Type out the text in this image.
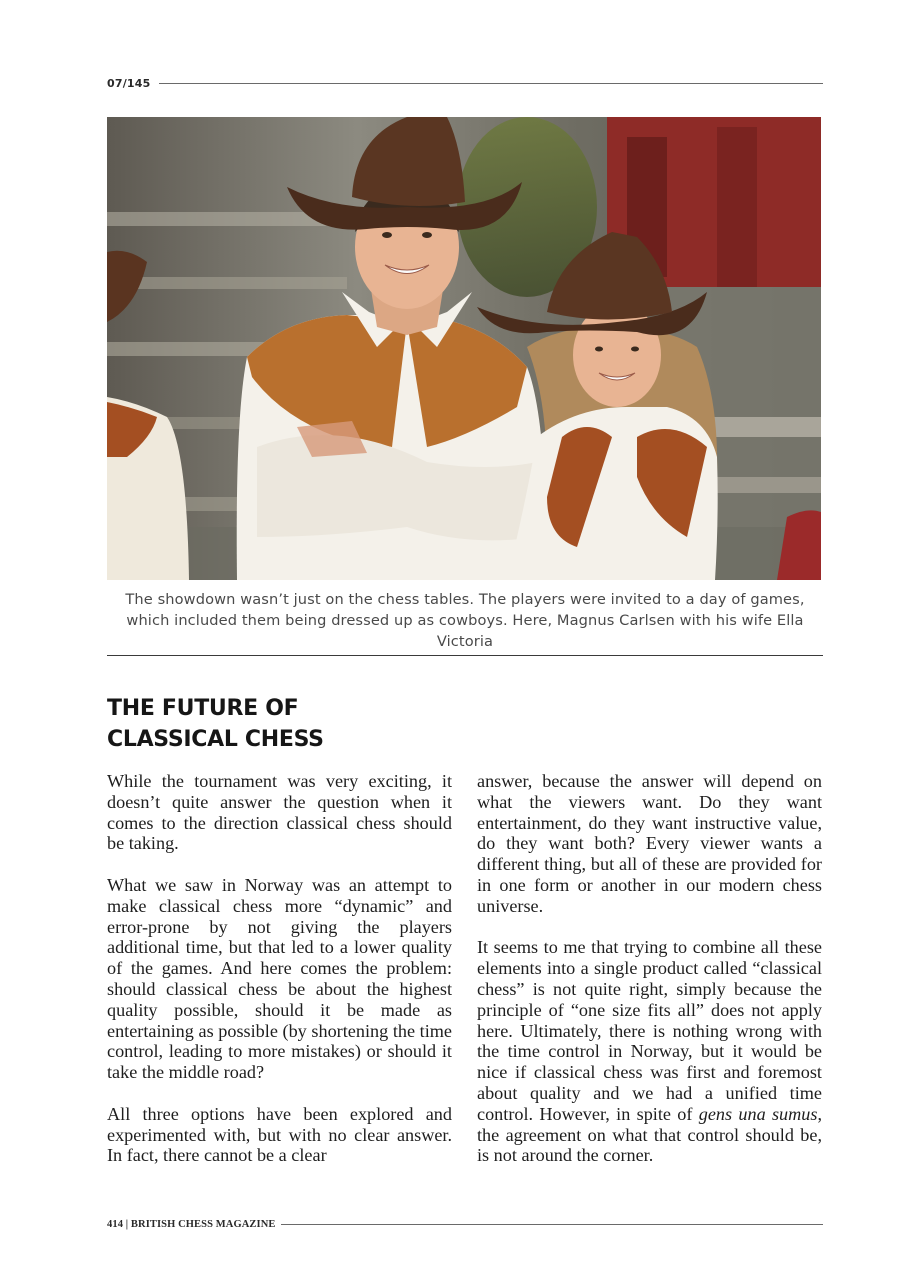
07/145
The showdown wasn’t just on the chess tables. The players were invited to a day of games, which included them being dressed up as cowboys. Here, Magnus Carlsen with his wife Ella Victoria
THE FUTURE OF
CLASSICAL CHESS

While the tournament was very exciting, it doesn’t quite answer the question when it comes to the direction classical chess should be taking.

What we saw in Norway was an attempt to make classical chess more “dynamic” and error-prone by not giving the players additional time, but that led to a lower quality of the games. And here comes the problem: should classical chess be about the highest quality possible, should it be made as entertaining as possible (by shortening the time control, leading to more mistakes) or should it take the middle road?

All three options have been explored and experimented with, but with no clear answer. In fact, there cannot be a clear

answer, because the answer will depend on what the viewers want. Do they want entertainment, do they want instructive value, do they want both? Every viewer wants a different thing, but all of these are provided for in one form or another in our modern chess universe.

It seems to me that trying to combine all these elements into a single product called “classical chess” is not quite right, simply because the principle of “one size fits all” does not apply here. Ultimately, there is nothing wrong with the time control in Norway, but it would be nice if classical chess was first and foremost about quality and we had a unified time control. However, in spite of gens una sumus, the agreement on what that control should be, is not around the corner.

414 | BRITISH CHESS MAGAZINE
